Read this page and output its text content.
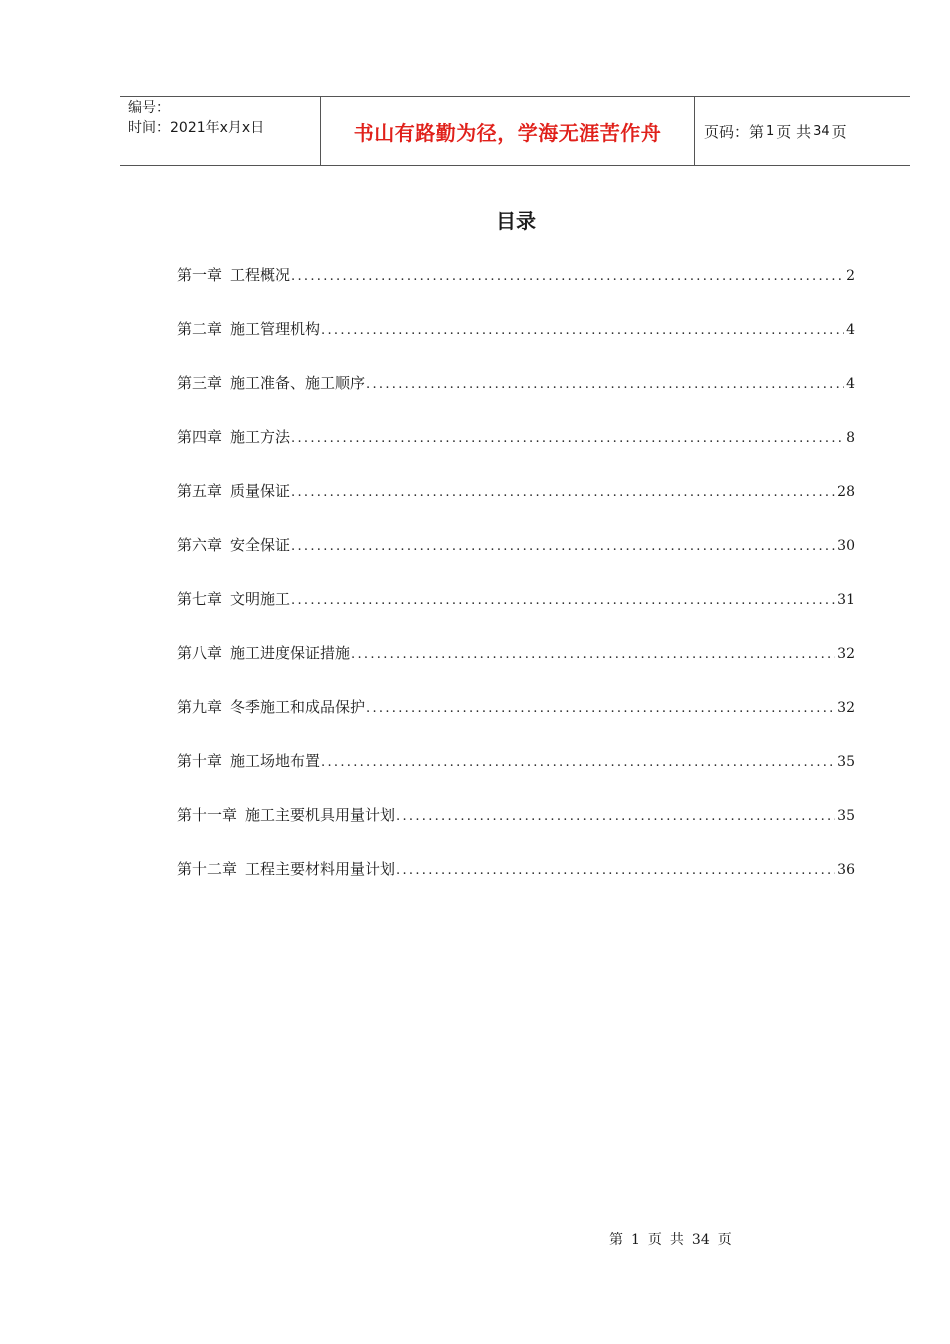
编号：
时间：2021年x月x日	书山有路勤为径，学海无涯苦作舟	页码：第 1 页 共 34 页
目录
第一章 工程概况 .....	2
第二章 施工管理机构 .....	4
第三章 施工准备、施工顺序 .....	4
第四章 施工方法 .....	8
第五章 质量保证 .....	28
第六章 安全保证 .....	30
第七章 文明施工 .....	31
第八章 施工进度保证措施 .....	32
第九章 冬季施工和成品保护 .....	32
第十章 施工场地布置 .....	35
第十一章 施工主要机具用量计划 .....	35
第十二章 工程主要材料用量计划 .....	36
第 1 页 共 34 页
